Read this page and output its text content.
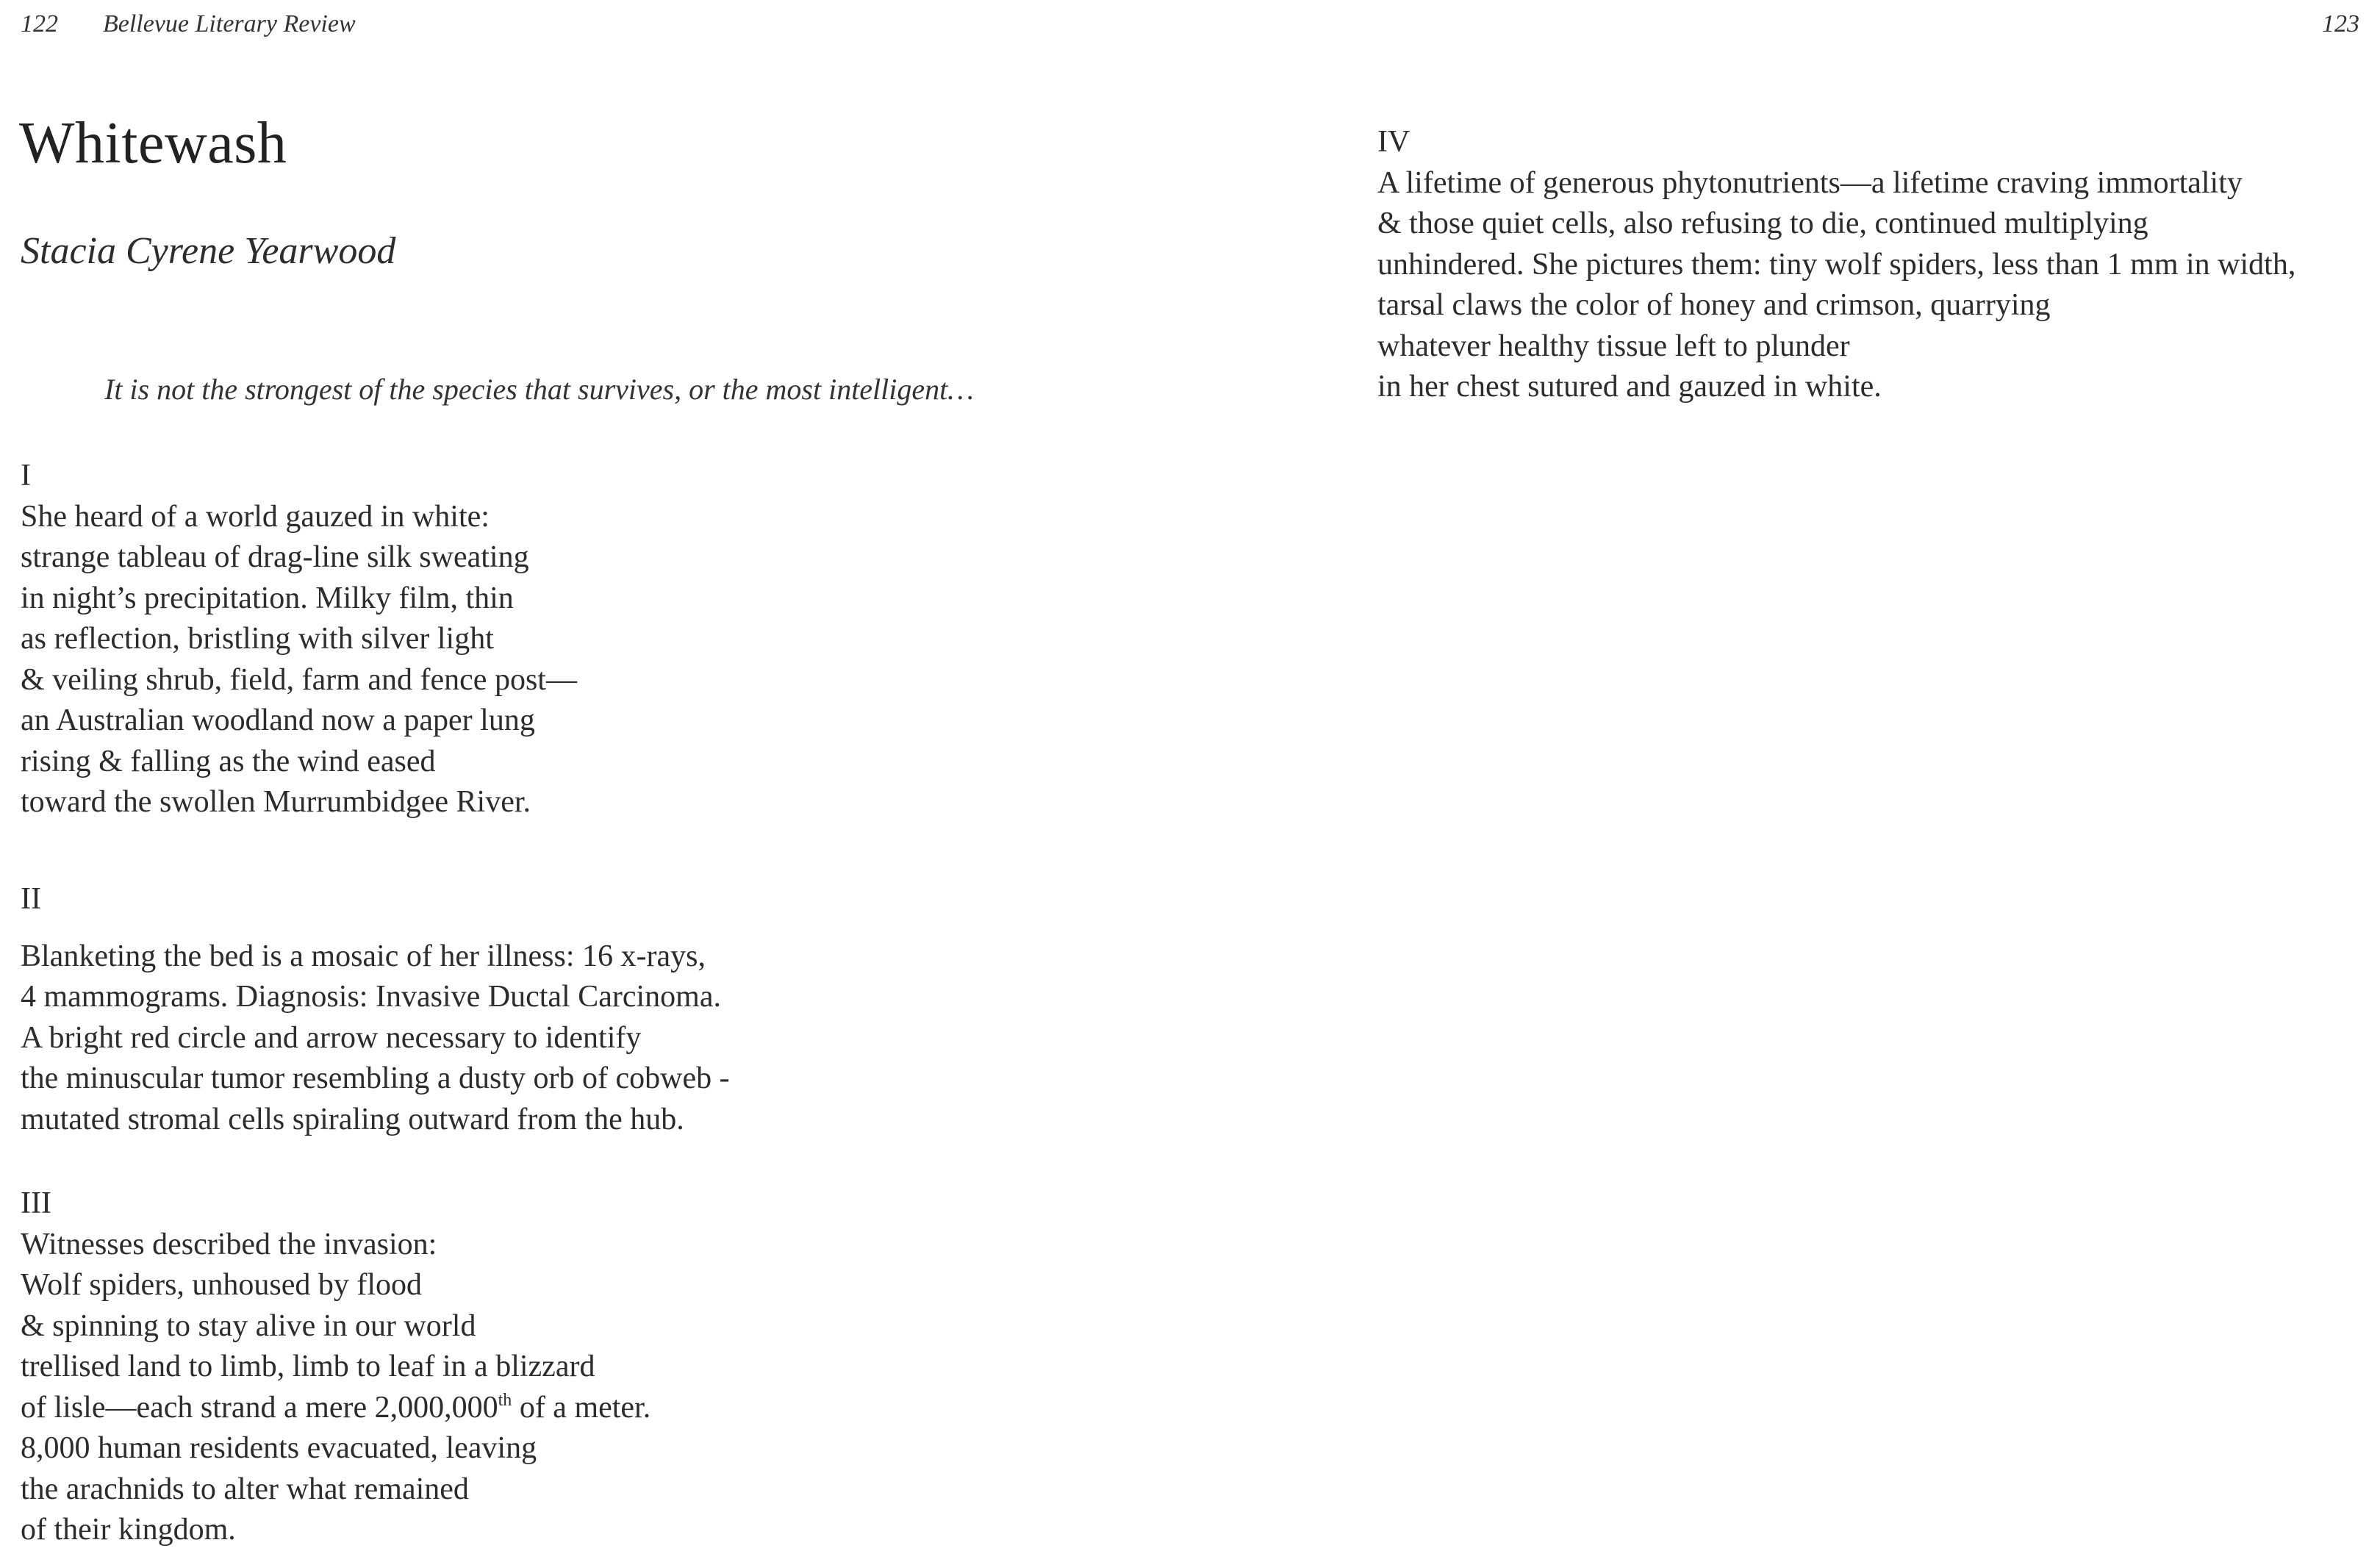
122 Bellevue Literary Review
Whitewash
Stacia Cyrene Yearwood
It is not the strongest of the species that survives, or the most intelligent…
I
She heard of a world gauzed in white:
strange tableau of drag-line silk sweating
in night’s precipitation. Milky film, thin
as reflection, bristling with silver light
& veiling shrub, field, farm and fence post—
an Australian woodland now a paper lung
rising & falling as the wind eased
toward the swollen Murrumbidgee River.
II
Blanketing the bed is a mosaic of her illness: 16 x-rays,
4 mammograms. Diagnosis: Invasive Ductal Carcinoma.
A bright red circle and arrow necessary to identify
the minuscular tumor resembling a dusty orb of cobweb -
mutated stromal cells spiraling outward from the hub.
III
Witnesses described the invasion:
Wolf spiders, unhoused by flood
& spinning to stay alive in our world
trellised land to limb, limb to leaf in a blizzard
of lisle—each strand a mere 2,000,000th of a meter.
8,000 human residents evacuated, leaving
the arachnids to alter what remained
of their kingdom.
123
IV
A lifetime of generous phytonutrients—a lifetime craving immortality
& those quiet cells, also refusing to die, continued multiplying
unhindered. She pictures them: tiny wolf spiders, less than 1 mm in width,
tarsal claws the color of honey and crimson, quarrying
whatever healthy tissue left to plunder
in her chest sutured and gauzed in white.
